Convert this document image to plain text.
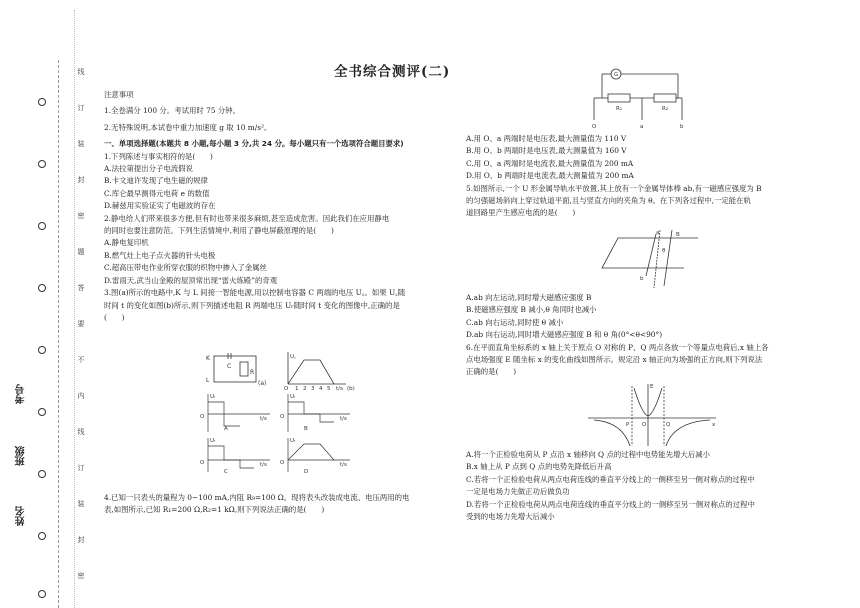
线
订
装
封
密
题
答
要
不
内
线
订
装
封
密
班级
姓名
考号
全书综合测评(二)

注意事项

1.全卷满分 100 分。考试用时 75 分钟。

2.无特殊说明,本试卷中重力加速度 g 取 10 m/s²。

一、单项选择题(本题共 8 小题,每小题 3 分,共 24 分。每小题只有一个选项符合题目要求)

1.下列陈述与事实相符的是(　　)

A.法拉第提出分子电流假说

B.卡文迪许发现了电生磁的规律

C.库仑最早测得元电荷 e 的数值

D.赫兹用实验证实了电磁波的存在

2.静电给人们带来很多方便,但有时也带来很多麻烦,甚至造成危害。因此我们在应用静电

的同时也要注意防范。下列生活情境中,利用了静电屏蔽原理的是(　　)

A.静电复印机

B.燃气灶上电子点火器的针头电极

C.超高压带电作业所穿衣服的织物中掺入了金属丝

D.雷雨天,武当山金殿的屋顶常出现“雷火炼殿”的奇观

3.图(a)所示的电路中,K 与 L 间接一智能电源,用以控制电容器 C 两端的电压 U꜀。如果 U꜀随

时间 t 的变化如图(b)所示,则下列描述电阻 R 两端电压 Uᵣ随时间 t 变化的图像中,正确的是

(　　)

K
L
C
R
(a)
U꜀
O 1 2 3 4 5 t/s (b)
Uᵣ
t/s
O
Uᵣ
t/s
O
Uᵣ
t/s
O
Uᵣ
t/s
O
A	B
C	D

4.已知一只表头的量程为 0~100 mA,内阻 R₉=100 Ω。现将表头改装成电流、电压两用的电

表,如图所示,已知 R₁=200 Ω,R₂=1 kΩ,则下列说法正确的是(　　)

G
R₁	R₂
O	a	b

A.用 O、a 两端时是电压表,最大测量值为 110 V

B.用 O、b 两端时是电压表,最大测量值为 160 V

C.用 O、a 两端时是电流表,最大测量值为 200 mA

D.用 O、b 两端时是电流表,最大测量值为 200 mA

5.如图所示,一个 U 形金属导轨水平放置,其上放有一个金属导体棒 ab,有一磁感应强度为 B

的匀强磁场斜向上穿过轨道平面,且与竖直方向的夹角为 θ。在下列各过程中,一定能在轨

道回路里产生感应电流的是(　　)

B
a
b
θ

A.ab 向左运动,同时增大磁感应强度 B

B.使磁感应强度 B 减小,θ 角同时也减小

C.ab 向右运动,同时使 θ 减小

D.ab 向右运动,同时增大磁感应强度 B 和 θ 角(0°<θ<90°)

6.在平面直角坐标系的 x 轴上关于原点 O 对称的 P、Q 两点各放一个等量点电荷后,x 轴上各

点电场强度 E 随坐标 x 的变化曲线如图所示。规定沿 x 轴正向为场强的正方向,则下列说法

正确的是(　　)

E
P O	Q	x

A.将一个正检验电荷从 P 点沿 x 轴移向 Q 点的过程中电势能先增大后减小

B.x 轴上从 P 点到 Q 点的电势先降低后升高

C.若将一个正检验电荷从两点电荷连线的垂直平分线上的一侧移至另一侧对称点的过程中

一定是电场力先做正功后做负功

D.若将一个正检验电荷从两点电荷连线的垂直平分线上的一侧移至另一侧对称点的过程中

受到的电场力先增大后减小
